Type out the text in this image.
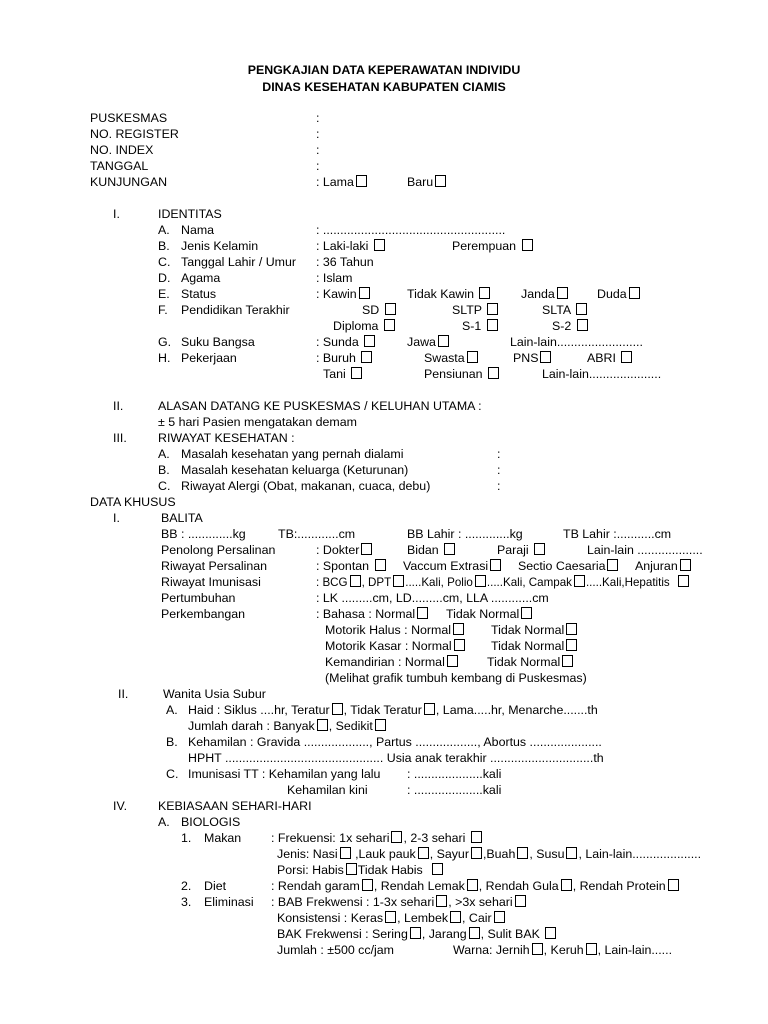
PENGKAJIAN DATA KEPERAWATAN INDIVIDU
DINAS KESEHATAN KABUPATEN CIAMIS
PUSKESMAS	:
NO. REGISTER	:
NO. INDEX	:
TANGGAL	:
KUNJUNGAN	: Lama	Baru
I.	IDENTITAS
A. Nama	: .....................................................
B. Jenis Kelamin	: Laki-laki	Perempuan
C. Tanggal Lahir / Umur : 36 Tahun
D. Agama	: Islam
E. Status	: Kawin	Tidak Kawin	Janda	Duda
F. Pendidikan Terakhir	SD	SLTP	SLTA
Diploma	S-1	S-2
G. Suku Bangsa	: Sunda	Jawa	Lain-lain.........................
H. Pekerjaan	: Buruh	Swasta	PNS	ABRI
Tani	Pensiunan	Lain-lain.....................
II.	ALASAN DATANG KE PUSKESMAS / KELUHAN UTAMA :
± 5 hari Pasien mengatakan demam
III.	RIWAYAT KESEHATAN :
A. Masalah kesehatan yang pernah dialami	:
B. Masalah kesehatan keluarga (Keturunan)	:
C. Riwayat Alergi (Obat, makanan, cuaca, debu)	:
DATA KHUSUS
I.	BALITA
BB : .............kg	TB:............cm	BB Lahir : .............kg	TB Lahir :...........cm
Penolong Persalinan	: Dokter	Bidan	Paraji	Lain-lain ...................
Riwayat Persalinan	: Spontan	Vaccum Extrasi	Sectio Caesaria	Anjuran
Riwayat Imunisasi	: BCG , DPT .....Kali, Polio .....Kali, Campak .....Kali,Hepatitis
Pertumbuhan	: LK .........cm, LD.........cm, LLA ............cm
Perkembangan	: Bahasa : Normal	Tidak Normal
Motorik Halus : Normal	Tidak Normal
Motorik Kasar : Normal	Tidak Normal
Kemandirian : Normal	Tidak Normal
(Melihat grafik tumbuh kembang di Puskesmas)
II.	Wanita Usia Subur
A. Haid : Siklus ....hr, Teratur , Tidak Teratur , Lama.....hr, Menarche.......th
Jumlah darah : Banyak , Sedikit
B. Kehamilan : Gravida ..................., Partus .................., Abortus .....................
HPHT .............................................. Usia anak terakhir ..............................th
C. Imunisasi TT : Kehamilan yang lalu : ....................kali
Kehamilan kini	: ....................kali
IV. KEBIASAAN SEHARI-HARI
A. BIOLOGIS
1. Makan : Frekuensi: 1x sehari , 2-3 sehari
Jenis: Nasi ,Lauk pauk , Sayur ,Buah , Susu , Lain-lain....................
Porsi: Habis Tidak Habis
2. Diet	: Rendah garam , Rendah Lemak , Rendah Gula , Rendah Protein
3. Eliminasi : BAB Frekwensi : 1-3x sehari , >3x sehari
Konsistensi : Keras , Lembek , Cair
BAK Frekwensi : Sering , Jarang , Sulit BAK
Jumlah : ±500 cc/jam	Warna: Jernih , Keruh , Lain-lain......
